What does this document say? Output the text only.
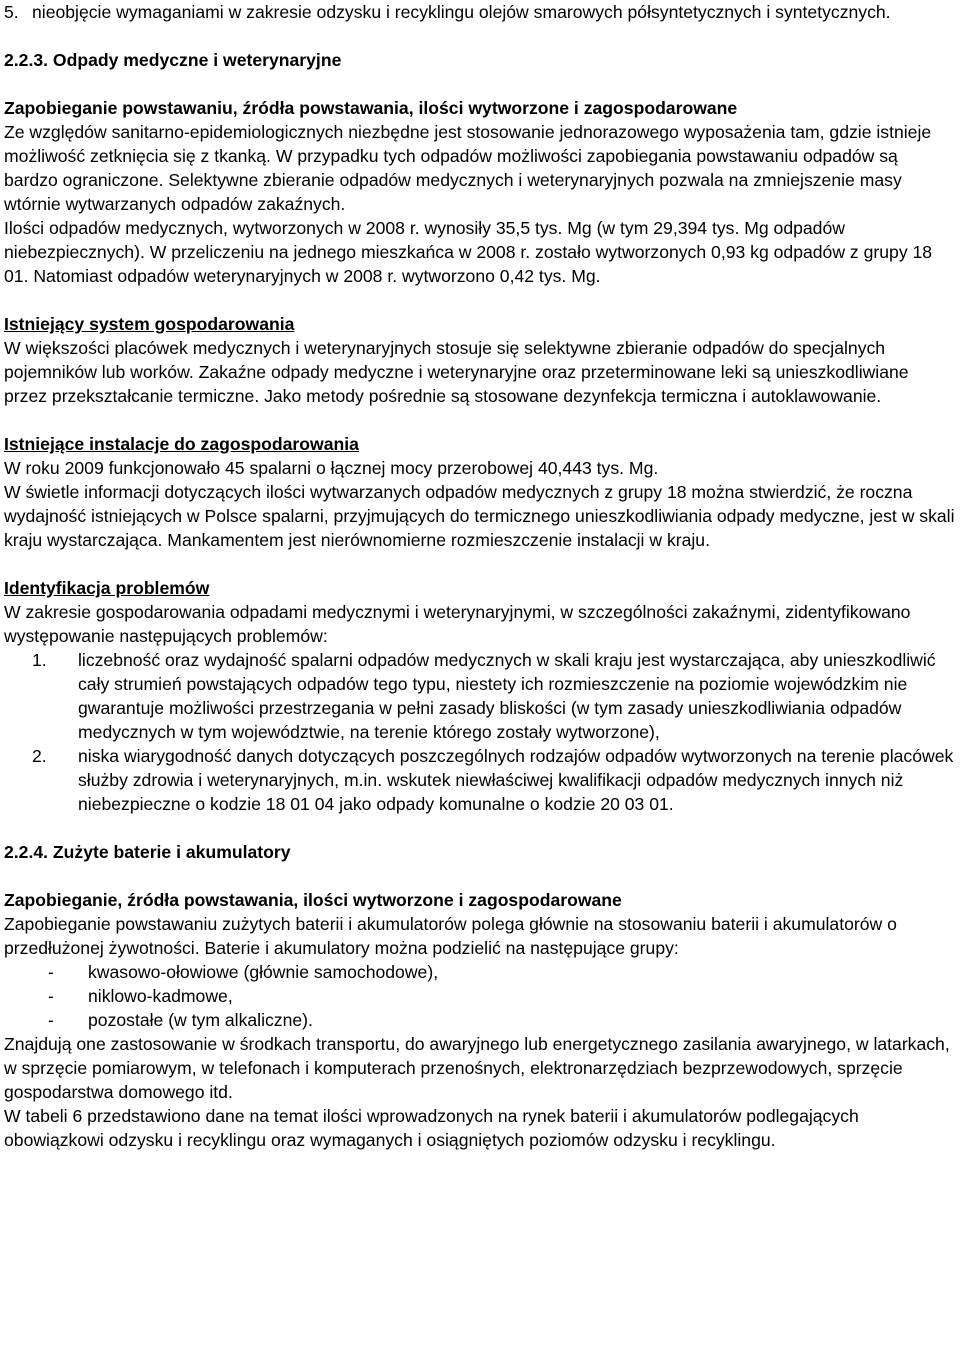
5. nieobjęcie wymaganiami w zakresie odzysku i recyklingu olejów smarowych półsyntetycznych i syntetycznych.

2.2.3. Odpady medyczne i weterynaryjne

Zapobieganie powstawaniu, źródła powstawania, ilości wytworzone i zagospodarowane

Ze względów sanitarno-epidemiologicznych niezbędne jest stosowanie jednorazowego wyposażenia tam, gdzie istnieje możliwość zetknięcia się z tkanką. W przypadku tych odpadów możliwości zapobiegania powstawaniu odpadów są bardzo ograniczone. Selektywne zbieranie odpadów medycznych i weterynaryjnych pozwala na zmniejszenie masy wtórnie wytwarzanych odpadów zakaźnych.

Ilości odpadów medycznych, wytworzonych w 2008 r. wynosiły 35,5 tys. Mg (w tym 29,394 tys. Mg odpadów niebezpiecznych). W przeliczeniu na jednego mieszkańca w 2008 r. zostało wytworzonych 0,93 kg odpadów z grupy 18 01. Natomiast odpadów weterynaryjnych w 2008 r. wytworzono 0,42 tys. Mg.

Istniejący system gospodarowania

W większości placówek medycznych i weterynaryjnych stosuje się selektywne zbieranie odpadów do specjalnych pojemników lub worków. Zakaźne odpady medyczne i weterynaryjne oraz przeterminowane leki są unieszkodliwiane przez przekształcanie termiczne. Jako metody pośrednie są stosowane dezynfekcja termiczna i autoklawowanie.

Istniejące instalacje do zagospodarowania

W roku 2009 funkcjonowało 45 spalarni o łącznej mocy przerobowej 40,443 tys. Mg.

W świetle informacji dotyczących ilości wytwarzanych odpadów medycznych z grupy 18 można stwierdzić, że roczna wydajność istniejących w Polsce spalarni, przyjmujących do termicznego unieszkodliwiania odpady medyczne, jest w skali kraju wystarczająca. Mankamentem jest nierównomierne rozmieszczenie instalacji w kraju.

Identyfikacja problemów

W zakresie gospodarowania odpadami medycznymi i weterynaryjnymi, w szczególności zakaźnymi, zidentyfikowano występowanie następujących problemów:

1.	liczebność oraz wydajność spalarni odpadów medycznych w skali kraju jest wystarczająca, aby unieszkodliwić cały strumień powstających odpadów tego typu, niestety ich rozmieszczenie na poziomie wojewódzkim nie gwarantuje możliwości przestrzegania w pełni zasady bliskości (w tym zasady unieszkodliwiania odpadów medycznych w tym województwie, na terenie którego zostały wytworzone),
2.	niska wiarygodność danych dotyczących poszczególnych rodzajów odpadów wytworzonych na terenie placówek służby zdrowia i weterynaryjnych, m.in. wskutek niewłaściwej kwalifikacji odpadów medycznych innych niż niebezpieczne o kodzie 18 01 04 jako odpady komunalne o kodzie 20 03 01.

2.2.4. Zużyte baterie i akumulatory

Zapobieganie, źródła powstawania, ilości wytworzone i zagospodarowane

Zapobieganie powstawaniu zużytych baterii i akumulatorów polega głównie na stosowaniu baterii i akumulatorów o przedłużonej żywotności. Baterie i akumulatory można podzielić na następujące grupy:

-	kwasowo-ołowiowe (głównie samochodowe),
-	niklowo-kadmowe,
-	pozostałe (w tym alkaliczne).

Znajdują one zastosowanie w środkach transportu, do awaryjnego lub energetycznego zasilania awaryjnego, w latarkach, w sprzęcie pomiarowym, w telefonach i komputerach przenośnych, elektronarzędziach bezprzewodowych, sprzęcie gospodarstwa domowego itd.

W tabeli 6 przedstawiono dane na temat ilości wprowadzonych na rynek baterii i akumulatorów podlegających obowiązkowi odzysku i recyklingu oraz wymaganych i osiągniętych poziomów odzysku i recyklingu.
